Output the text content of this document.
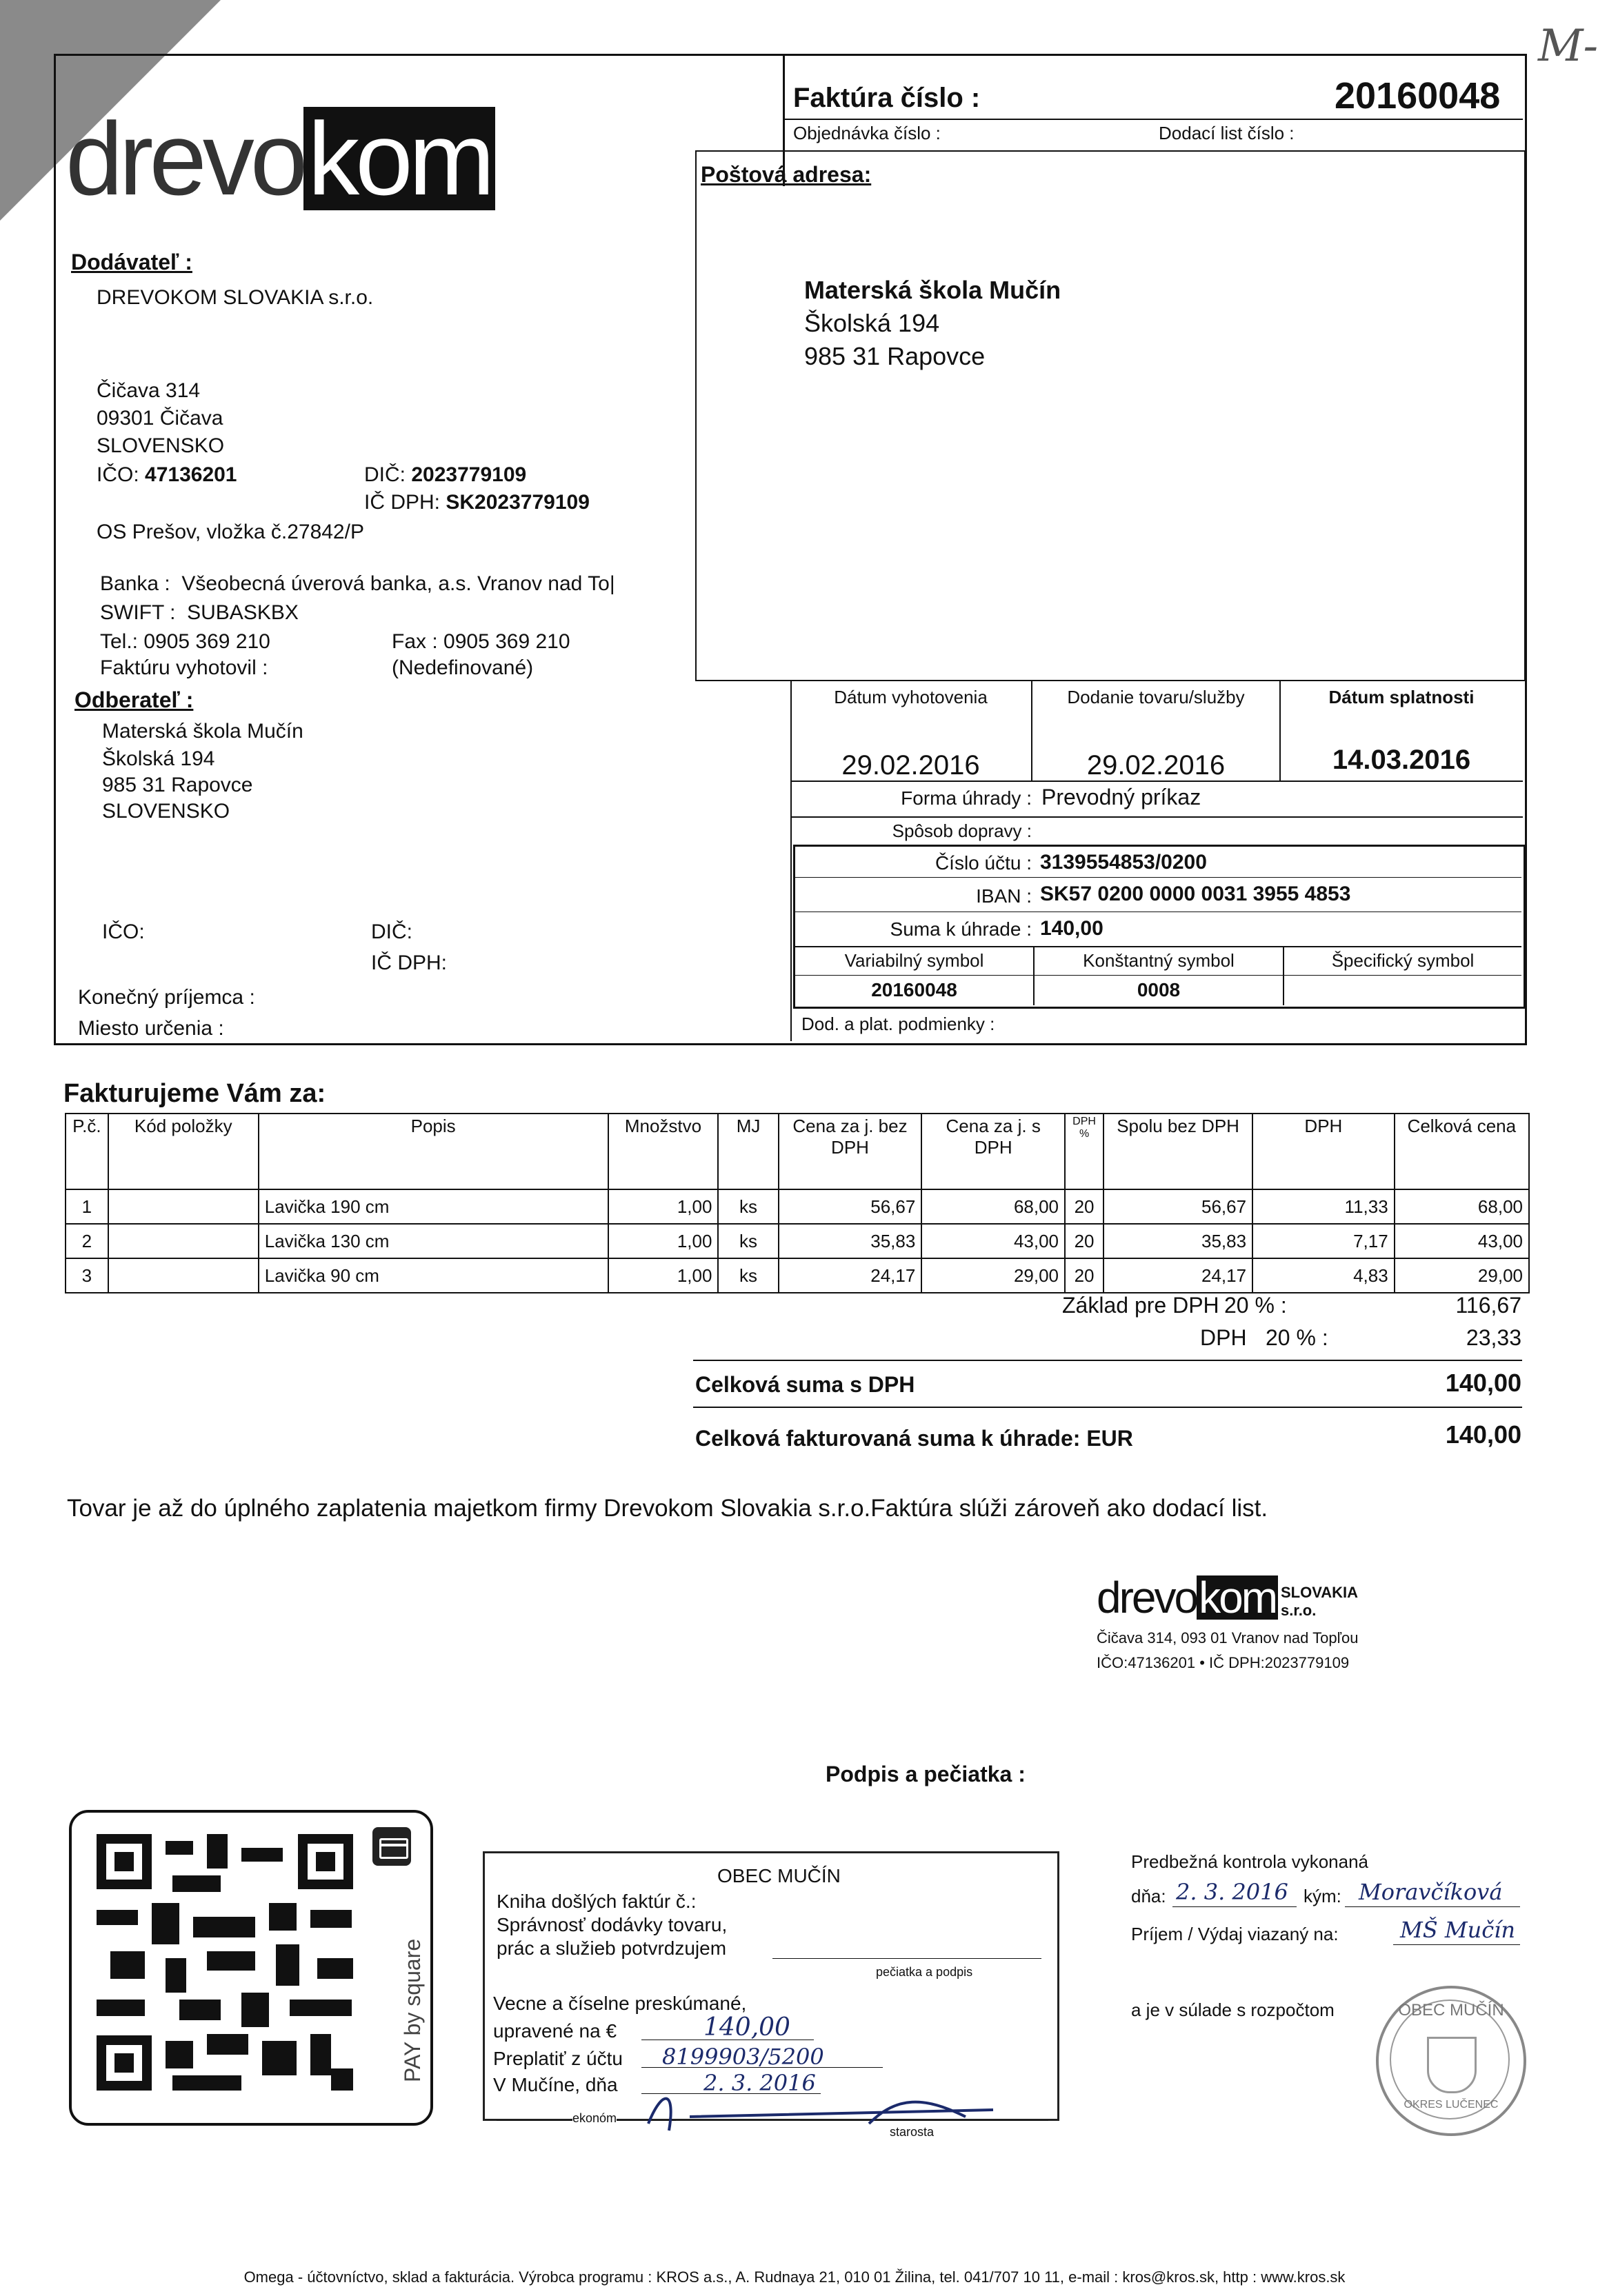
M-
drevo kom
Faktúra číslo :	20160048
Objednávka číslo :	Dodací list číslo :
Poštová adresa:
Materská škola Mučín
Školská 194
985 31 Rapovce
Dodávateľ :
DREVOKOM SLOVAKIA s.r.o.
Čičava 314
09301 Čičava
SLOVENSKO
IČO: 47136201	DIČ: 2023779109
IČ DPH: SK2023779109
OS Prešov, vložka č.27842/P
Banka : Všeobecná úverová banka, a.s. Vranov nad To|
SWIFT : SUBASKBX
Tel.: 0905 369 210	Fax : 0905 369 210
Faktúru vyhotovil :	(Nedefinované)
Odberateľ :
Materská škola Mučín
Školská 194
985 31 Rapovce
SLOVENSKO
IČO:	DIČ:
IČ DPH:
Konečný príjemca :
Miesto určenia :
Dátum vyhotovenia	Dodanie tovaru/služby	Dátum splatnosti
29.02.2016	29.02.2016	14.03.2016
Forma úhrady : Prevodný príkaz
Spôsob dopravy :
Číslo účtu : 3139554853/0200
IBAN : SK57 0200 0000 0031 3955 4853
Suma k úhrade : 140,00
Variabilný symbol	Konštantný symbol	Špecifický symbol
20160048	0008
Dod. a plat. podmienky :
Fakturujeme Vám za:
P.č.	Kód položky	Popis	Množstvo	MJ	Cena za j. bez DPH	Cena za j. s DPH	DPH %	Spolu bez DPH	DPH	Celková cena
1		Lavička 190 cm	1,00	ks	56,67	68,00	20	56,67	11,33	68,00
2		Lavička 130 cm	1,00	ks	35,83	43,00	20	35,83	7,17	43,00
3		Lavička 90 cm	1,00	ks	24,17	29,00	20	24,17	4,83	29,00
Základ pre DPH 20 % :	116,67
DPH 20 % :	23,33
Celková suma s DPH	140,00
Celková fakturovaná suma k úhrade: EUR	140,00
Tovar je až do úplného zaplatenia majetkom firmy Drevokom Slovakia s.r.o.Faktúra slúži zároveň ako dodací list.
drevo kom SLOVAKIA s.r.o.
Čičava 314, 093 01 Vranov nad Topľou
IČO:47136201 • IČ DPH:2023779109
Podpis a pečiatka :
PAY by square
OBEC MUČÍN
Kniha došlých faktúr č.:
Správnosť dodávky tovaru,
prác a služieb potvrdzujem
pečiatka a podpis
Vecne a číselne preskúmané,
upravené na €	140,00
Preplatiť z účtu 8199903/5200
V Mučíne, dňa	2. 3. 2016
ekonóm
starosta
Predbežná kontrola vykonaná
dňa: 2. 3. 2016 kým: Moravčíková
Príjem / Výdaj viazaný na:	MŠ Mučín
a je v súlade s rozpočtom	OBEC MUČÍN
OKRES LUČENEC
Omega - účtovníctvo, sklad a fakturácia. Výrobca programu : KROS a.s., A. Rudnaya 21, 010 01 Žilina, tel. 041/707 10 11, e-mail : kros@kros.sk, http : www.kros.sk
